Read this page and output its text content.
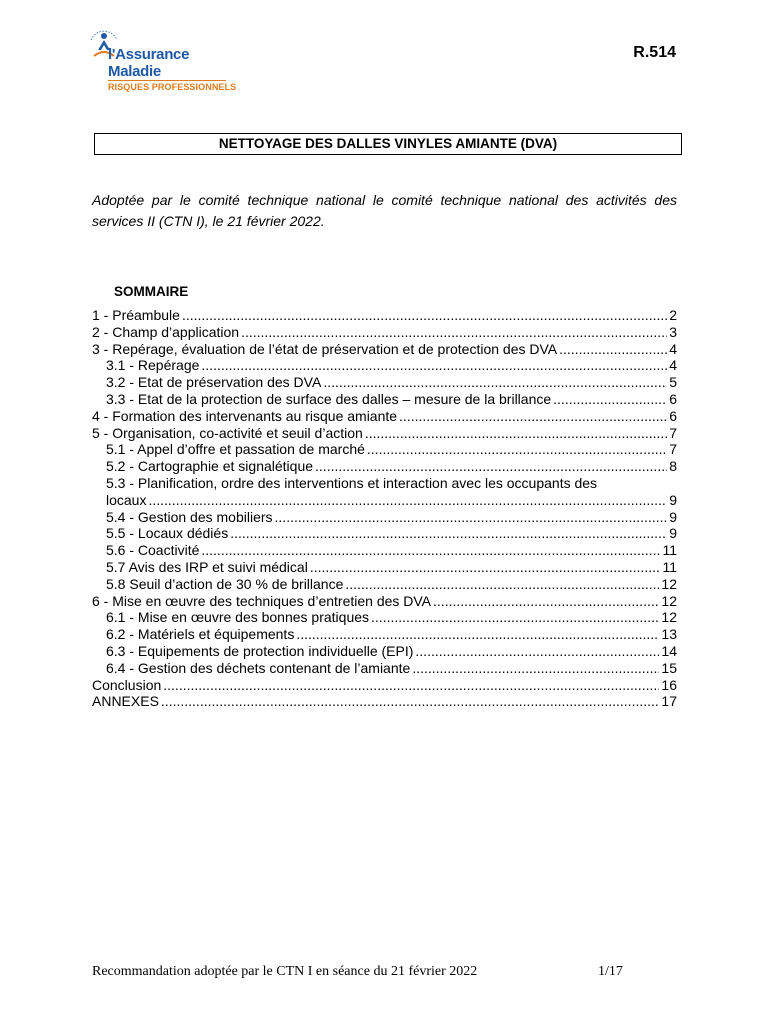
l'Assurance
Maladie
RISQUES PROFESSIONNELS
R.514
NETTOYAGE DES DALLES VINYLES AMIANTE (DVA)
Adoptée par le comité technique national le comité technique national des activités des services II (CTN I), le 21 février 2022.
SOMMAIRE
1 - Préambule .....	2
2 - Champ d’application .....	3
3 - Repérage, évaluation de l’état de préservation et de protection des DVA .....	4
3.1 - Repérage .....	4
3.2 - Etat de préservation des DVA .....	5
3.3 - Etat de la protection de surface des dalles – mesure de la brillance .....	6
4 - Formation des intervenants au risque amiante .....	6
5 - Organisation, co-activité et seuil d’action .....	7
5.1 - Appel d’offre et passation de marché .....	7
5.2 - Cartographie et signalétique .....	8
5.3 - Planification, ordre des interventions et interaction avec les occupants des
locaux .....	9
5.4 - Gestion des mobiliers .....	9
5.5 - Locaux dédiés .....	9
5.6 - Coactivité .....	11
5.7 Avis des IRP et suivi médical .....	11
5.8 Seuil d’action de 30 % de brillance .....	12
6 - Mise en œuvre des techniques d’entretien des DVA .....	12
6.1 - Mise en œuvre des bonnes pratiques .....	12
6.2 - Matériels et équipements .....	13
6.3 - Equipements de protection individuelle (EPI) .....	14
6.4 - Gestion des déchets contenant de l’amiante .....	15
Conclusion .....	16
ANNEXES .....	17
Recommandation adoptée par le CTN I en séance du 21 février 2022	1/17
